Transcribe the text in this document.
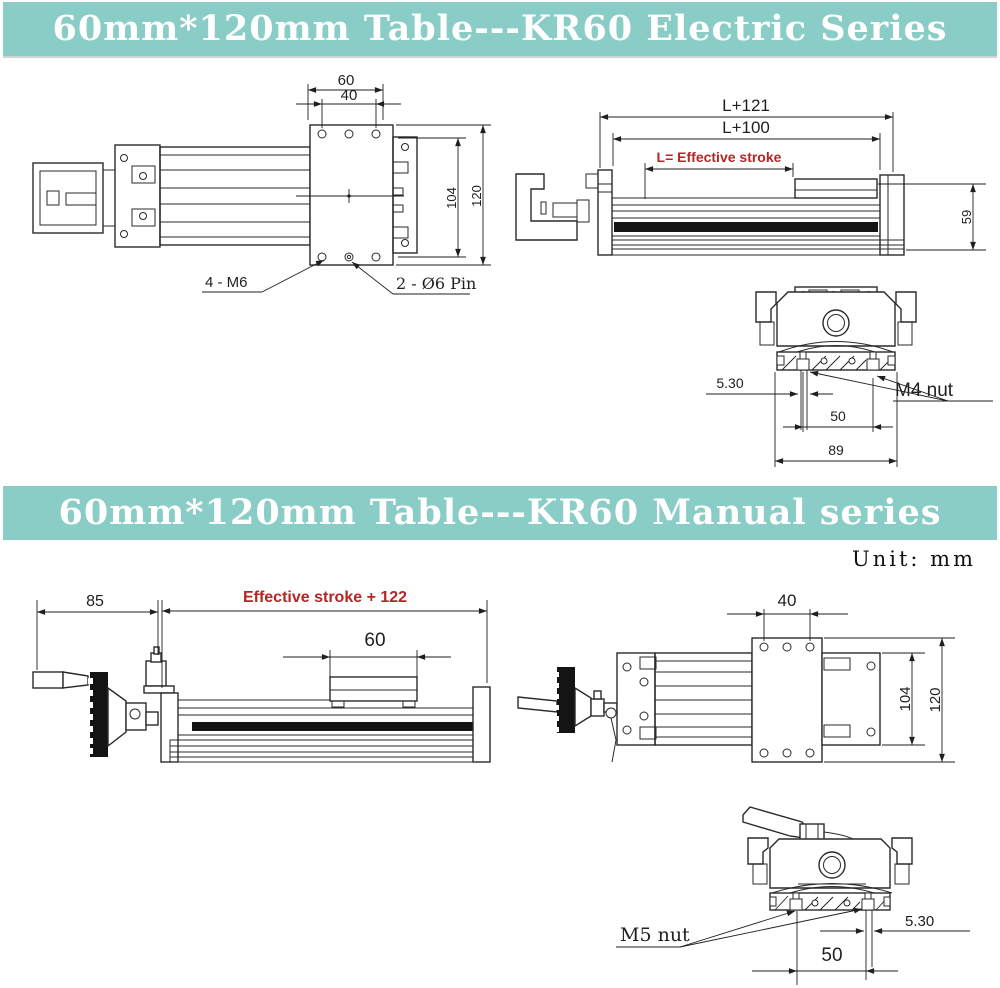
60mm*120mm Table---KR60 Electric Series
60mm*120mm Table---KR60 Manual series
Unit: mm
60
40
104 120
4 - M6	2 - Ø6 Pin
L+121
L+100
L= Effective stroke
59
M4 nut
5.30
50
89
85	Effective stroke + 122
60
40
104 120
M5 nut
5.30
50
